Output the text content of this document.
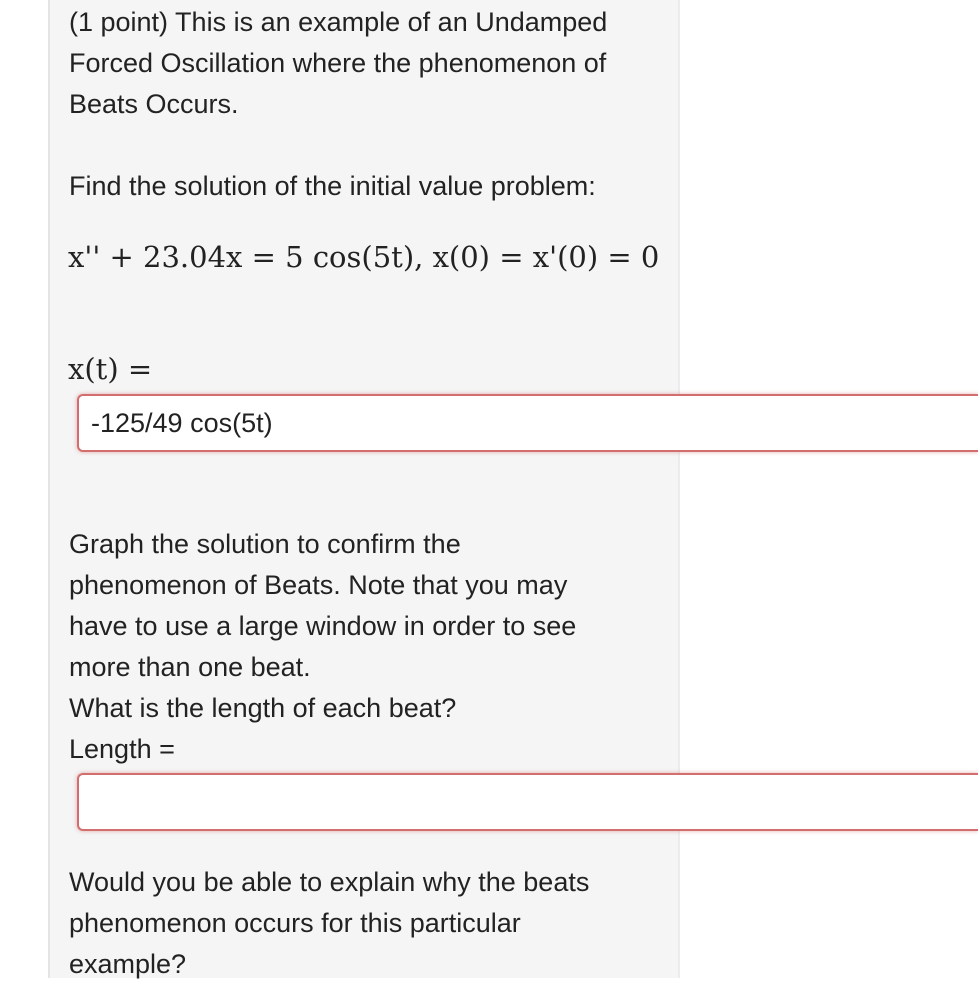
(1 point) This is an example of an Undamped
Forced Oscillation where the phenomenon of
Beats Occurs.
Find the solution of the initial value problem:
x'' + 23.04x = 5 cos(5t), x(0) = x'(0) = 0
x(t) =
-125/49 cos(5t)
Graph the solution to confirm the
phenomenon of Beats. Note that you may
have to use a large window in order to see
more than one beat.
What is the length of each beat?
Length =
Would you be able to explain why the beats
phenomenon occurs for this particular
example?
